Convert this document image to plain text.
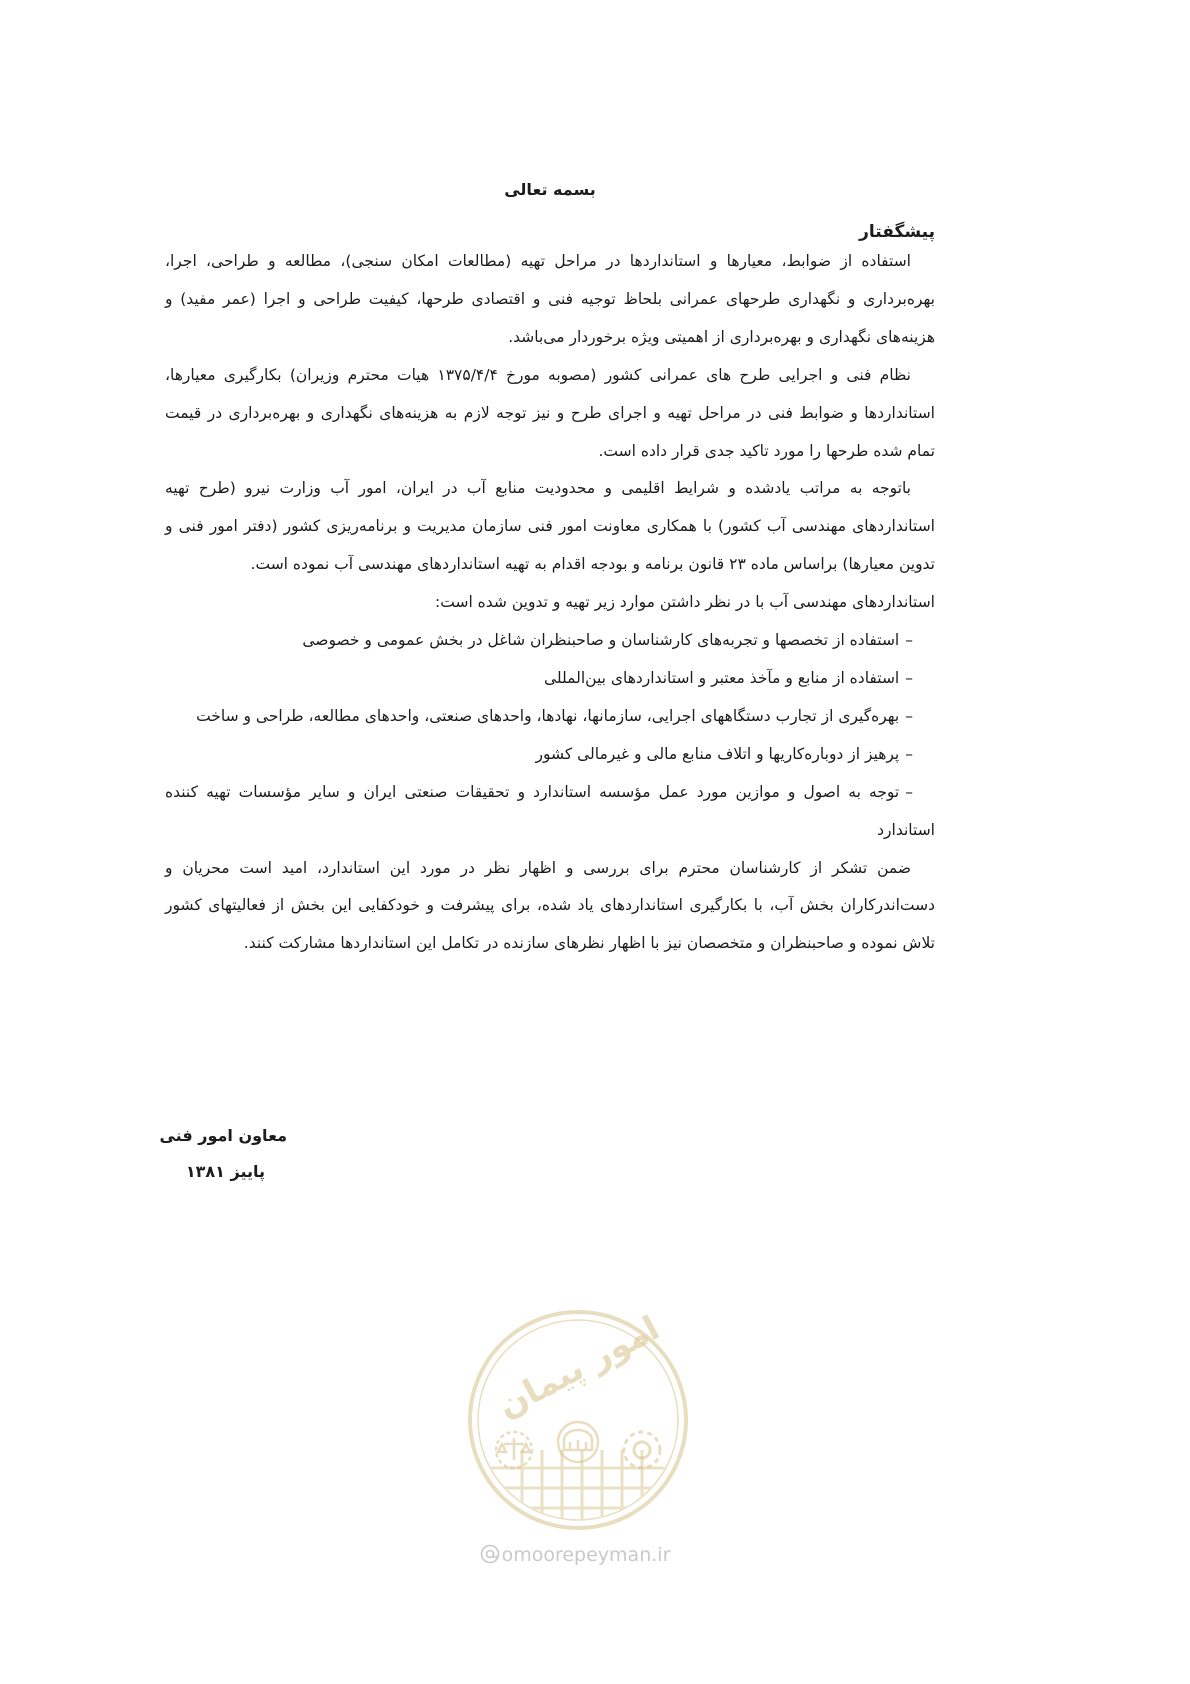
بسمه تعالی
پیشگفتار

استفاده از ضوابط، معیارها و استانداردها در مراحل تهیه (مطالعات امکان سنجی)، مطالعه و طراحی، اجرا، بهره‌برداری و نگهداری طرحهای عمرانی بلحاظ توجیه فنی و اقتصادی طرحها، کیفیت طراحی و اجرا (عمر مفید) و هزینه‌های نگهداری و بهره‌برداری از اهمیتی ویژه برخوردار می‌باشد.

نظام فنی و اجرایی طرح های عمرانی کشور (مصوبه مورخ ۱۳۷۵/۴/۴ هیات محترم وزیران) بکارگیری معیارها، استانداردها و ضوابط فنی در مراحل تهیه و اجرای طرح و نیز توجه لازم به هزینه‌های نگهداری و بهره‌برداری در قیمت تمام شده طرحها را مورد تاکید جدی قرار داده است.

باتوجه به مراتب یادشده و شرایط اقلیمی و محدودیت منابع آب در ایران، امور آب وزارت نیرو (طرح تهیه استانداردهای مهندسی آب کشور) با همکاری معاونت امور فنی سازمان مدیریت و برنامه‌ریزی کشور (دفتر امور فنی و تدوین معیارها) براساس ماده ۲۳ قانون برنامه و بودجه اقدام به تهیه استانداردهای مهندسی آب نموده است.

استانداردهای مهندسی آب با در نظر داشتن موارد زیر تهیه و تدوین شده است:

–استفاده از تخصصها و تجربه‌های کارشناسان و صاحبنظران شاغل در بخش عمومی و خصوصی

–استفاده از منابع و مآخذ معتبر و استانداردهای بین‌المللی

–بهره‌گیری از تجارب دستگاههای اجرایی، سازمانها، نهادها، واحدهای صنعتی، واحدهای مطالعه، طراحی و ساخت

–پرهیز از دوباره‌کاریها و اتلاف منابع مالی و غیرمالی کشور

–توجه به اصول و موازین مورد عمل مؤسسه استاندارد و تحقیقات صنعتی ایران و سایر مؤسسات تهیه کننده استاندارد

ضمن تشکر از کارشناسان محترم برای بررسی و اظهار نظر در مورد این استاندارد، امید است محریان و دست‌اندرکاران بخش آب، با بکارگیری استانداردهای یاد شده، برای پیشرفت و خودکفایی این بخش از فعالیتهای کشور تلاش نموده و صاحبنظران و متخصصان نیز با اظهار نظرهای سازنده در تکامل این استانداردها مشارکت کنند.

معاون امور فنی
پاییز ۱۳۸۱
امور پیمان
omoorepeyman.ir
